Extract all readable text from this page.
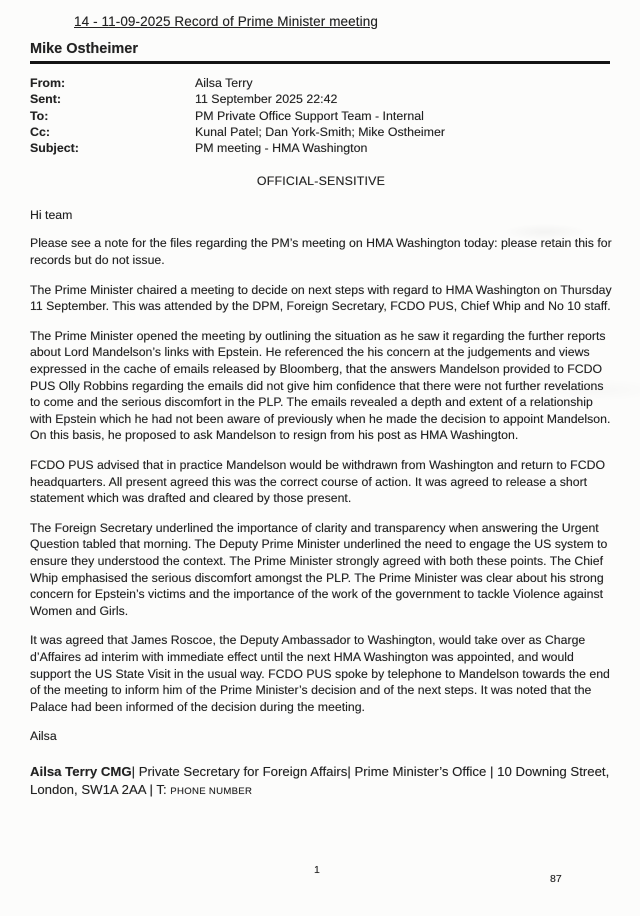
14 - 11-09-2025 Record of Prime Minister meeting
Mike Ostheimer
From:	Ailsa Terry
Sent:	11 September 2025 22:42
To:	PM Private Office Support Team - Internal
Cc:	Kunal Patel; Dan York-Smith; Mike Ostheimer
Subject:	PM meeting - HMA Washington
OFFICIAL-SENSITIVE
Hi team

Please see a note for the files regarding the PM’s meeting on HMA Washington today: please retain this for records but do not issue.

The Prime Minister chaired a meeting to decide on next steps with regard to HMA Washington on Thursday 11 September. This was attended by the DPM, Foreign Secretary, FCDO PUS, Chief Whip and No 10 staff.

The Prime Minister opened the meeting by outlining the situation as he saw it regarding the further reports about Lord Mandelson’s links with Epstein. He referenced the his concern at the judgements and views expressed in the cache of emails released by Bloomberg, that the answers Mandelson provided to FCDO PUS Olly Robbins regarding the emails did not give him confidence that there were not further revelations to come and the serious discomfort in the PLP. The emails revealed a depth and extent of a relationship with Epstein which he had not been aware of previously when he made the decision to appoint Mandelson. On this basis, he proposed to ask Mandelson to resign from his post as HMA Washington.

FCDO PUS advised that in practice Mandelson would be withdrawn from Washington and return to FCDO headquarters. All present agreed this was the correct course of action. It was agreed to release a short statement which was drafted and cleared by those present.

The Foreign Secretary underlined the importance of clarity and transparency when answering the Urgent Question tabled that morning. The Deputy Prime Minister underlined the need to engage the US system to ensure they understood the context. The Prime Minister strongly agreed with both these points. The Chief Whip emphasised the serious discomfort amongst the PLP. The Prime Minister was clear about his strong concern for Epstein’s victims and the importance of the work of the government to tackle Violence against Women and Girls.

It was agreed that James Roscoe, the Deputy Ambassador to Washington, would take over as Charge d’Affaires ad interim with immediate effect until the next HMA Washington was appointed, and would support the US State Visit in the usual way. FCDO PUS spoke by telephone to Mandelson towards the end of the meeting to inform him of the Prime Minister’s decision and of the next steps. It was noted that the Palace had been informed of the decision during the meeting.

Ailsa
Ailsa Terry CMG| Private Secretary for Foreign Affairs| Prime Minister’s Office | 10 Downing Street, London, SW1A 2AA | T: PHONE NUMBER
1
87
